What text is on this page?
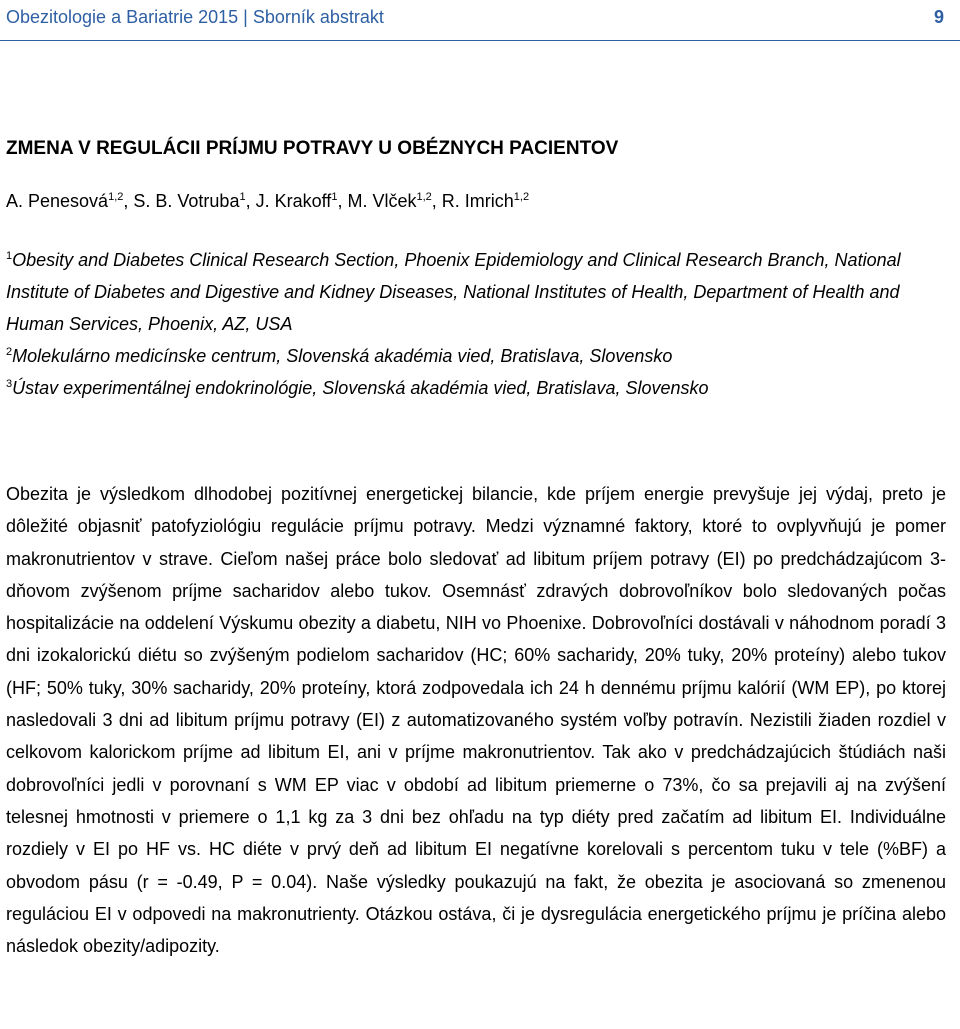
Obezitologie a Bariatrie 2015 | Sborník abstrakt	9
ZMENA V REGULÁCII PRÍJMU POTRAVY U OBÉZNYCH PACIENTOV
A. Penesová$^{1,2}$, S. B. Votruba$^1$, J. Krakoff$^1$, M. Vlček$^{1,2}$, R. Imrich$^{1,2}$
$^1$Obesity and Diabetes Clinical Research Section, Phoenix Epidemiology and Clinical Research Branch, National Institute of Diabetes and Digestive and Kidney Diseases, National Institutes of Health, Department of Health and Human Services, Phoenix, AZ, USA
$^2$Molekulárno medicínske centrum, Slovenská akadémia vied, Bratislava, Slovensko
$^3$Ústav experimentálnej endokrinológie, Slovenská akadémia vied, Bratislava, Slovensko

Obezita je výsledkom dlhodobej pozitívnej energetickej bilancie, kde príjem energie prevyšuje jej výdaj, preto je dôležité objasniť patofyziológiu regulácie príjmu potravy. Medzi významné faktory, ktoré to ovplyvňujú je pomer makronutrientov v strave. Cieľom našej práce bolo sledovať ad libitum príjem potravy (EI) po predchádzajúcom 3-dňovom zvýšenom príjme sacharidov alebo tukov. Osemnásť zdravých dobrovoľníkov bolo sledovaných počas hospitalizácie na oddelení Výskumu obezity a diabetu, NIH vo Phoenixe. Dobrovoľníci dostávali v náhodnom poradí 3 dni izokalorickú diétu so zvýšeným podielom sacharidov (HC; 60% sacharidy, 20% tuky, 20% proteíny) alebo tukov (HF; 50% tuky, 30% sacharidy, 20% proteíny, ktorá zodpovedala ich 24 h dennému príjmu kalórií (WM EP), po ktorej nasledovali 3 dni ad libitum príjmu potravy (EI) z automatizovaného systém voľby potravín. Nezistili žiaden rozdiel v celkovom kalorickom príjme ad libitum EI, ani v príjme makronutrientov. Tak ako v predchádzajúcich štúdiách naši dobrovoľníci jedli v porovnaní s WM EP viac v období ad libitum priemerne o 73%, čo sa prejavili aj na zvýšení telesnej hmotnosti v priemere o 1,1 kg za 3 dni bez ohľadu na typ diéty pred začatím ad libitum EI. Individuálne rozdiely v EI po HF vs. HC diéte v prvý deň ad libitum EI negatívne korelovali s percentom tuku v tele (%BF) a obvodom pásu (r = -0.49, P = 0.04). Naše výsledky poukazujú na fakt, že obezita je asociovaná so zmenenou reguláciou EI v odpovedi na makronutrienty. Otázkou ostáva, či je dysregulácia energetického príjmu je príčina alebo následok obezity/adipozity.
